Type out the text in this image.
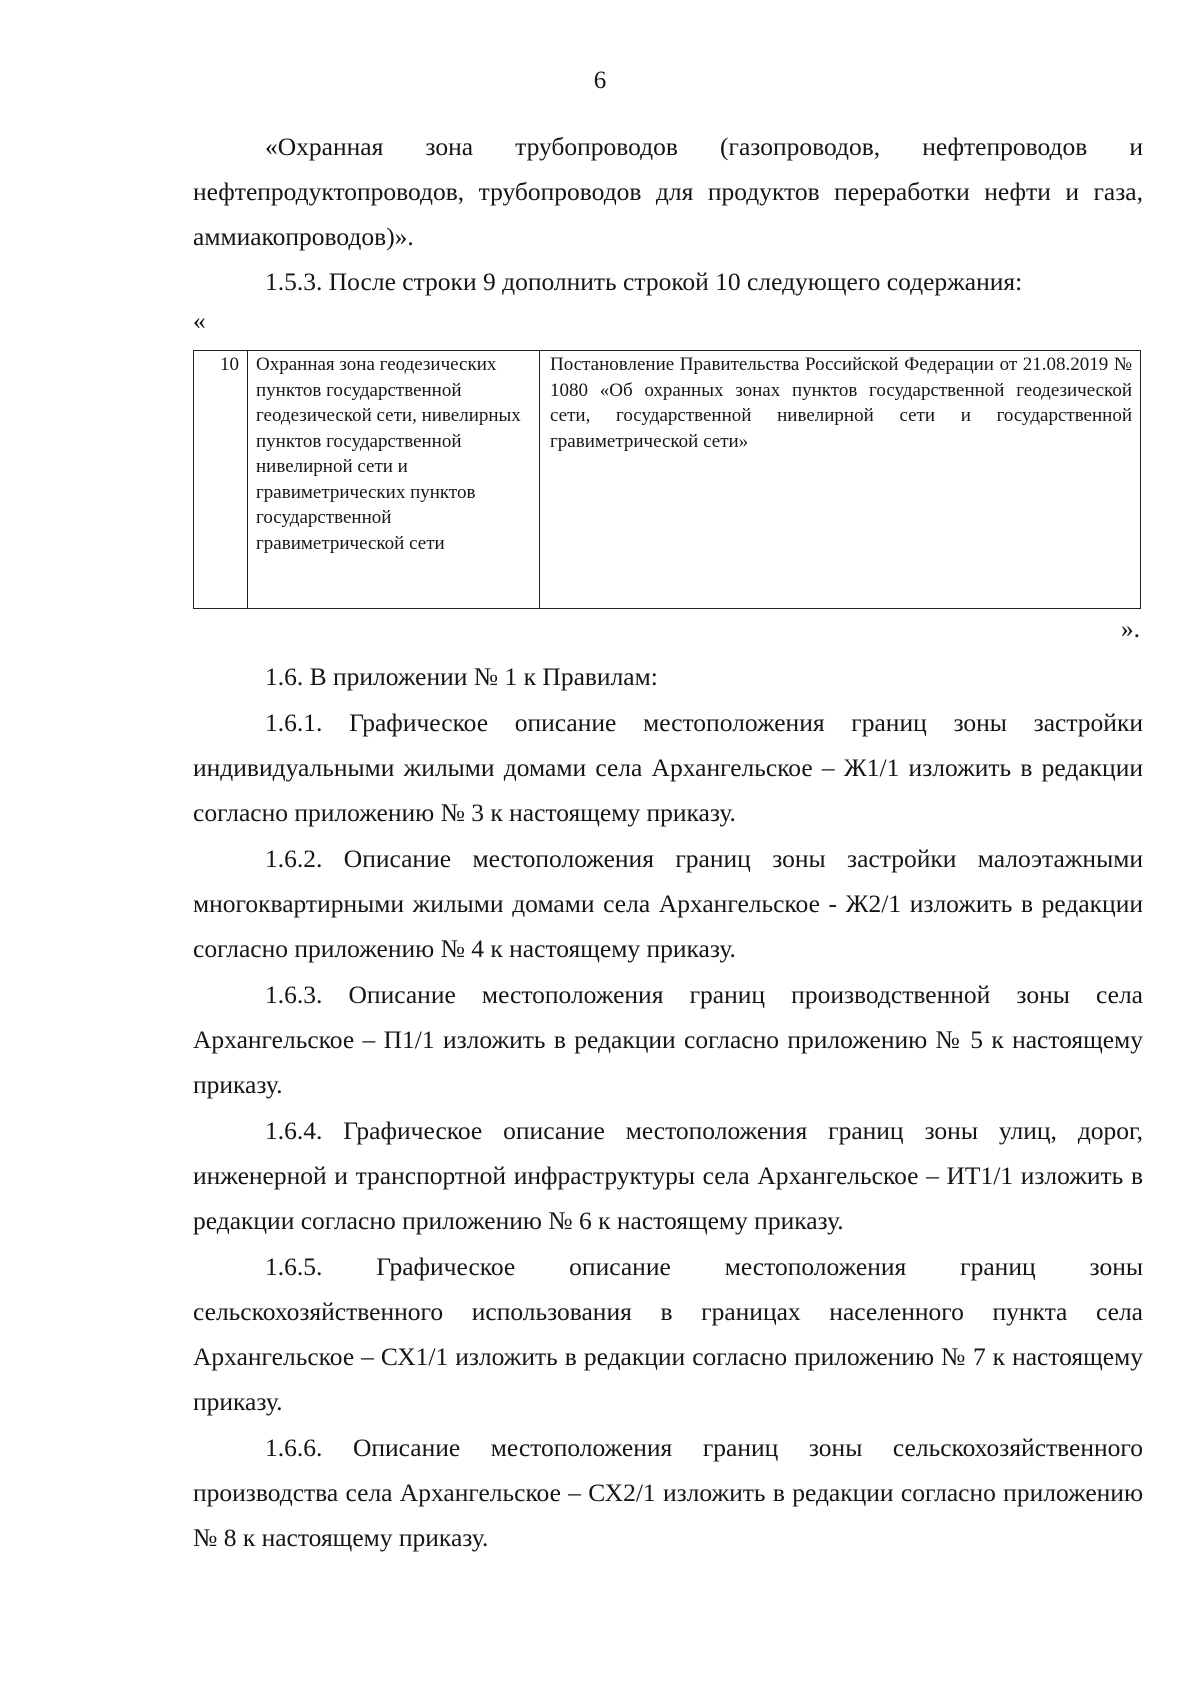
6

«Охранная зона трубопроводов (газопроводов, нефтепроводов и нефтепродуктопроводов, трубопроводов для продуктов переработки нефти и газа, аммиакопроводов)».

1.5.3. После строки 9 дополнить строкой 10 следующего содержания:

«
10	Охранная зона геодезических пунктов государственной геодезической сети, нивелирных пунктов государственной нивелирной сети и гравиметрических пунктов государственной гравиметрической сети	Постановление Правительства Российской Федерации от 21.08.2019 № 1080 «Об охранных зонах пунктов государственной геодезической сети, государственной нивелирной сети и государственной гравиметрической сети»
».

1.6. В приложении № 1 к Правилам:

1.6.1. Графическое описание местоположения границ зоны застройки индивидуальными жилыми домами села Архангельское – Ж1/1 изложить в редакции согласно приложению № 3 к настоящему приказу.

1.6.2. Описание местоположения границ зоны застройки малоэтажными многоквартирными жилыми домами села Архангельское - Ж2/1 изложить в редакции согласно приложению № 4 к настоящему приказу.

1.6.3. Описание местоположения границ производственной зоны села Архангельское – П1/1 изложить в редакции согласно приложению № 5 к настоящему приказу.

1.6.4. Графическое описание местоположения границ зоны улиц, дорог, инженерной и транспортной инфраструктуры села Архангельское – ИТ1/1 изложить в редакции согласно приложению № 6 к настоящему приказу.

1.6.5. Графическое описание местоположения границ зоны сельскохозяйственного использования в границах населенного пункта села Архангельское – СХ1/1 изложить в редакции согласно приложению № 7 к настоящему приказу.

1.6.6. Описание местоположения границ зоны сельскохозяйственного производства села Архангельское – СХ2/1 изложить в редакции согласно приложению № 8 к настоящему приказу.
